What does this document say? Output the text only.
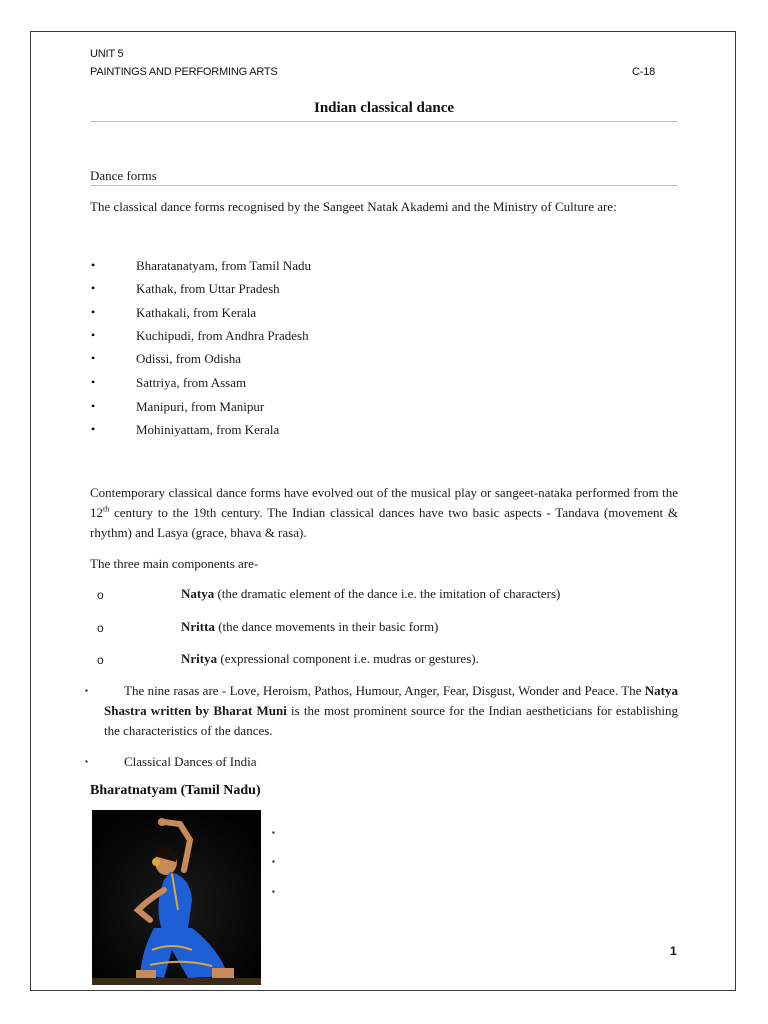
UNIT 5
PAINTINGS AND PERFORMING ARTS	C-18
Indian classical dance
Dance forms
The classical dance forms recognised by the Sangeet Natak Akademi and the Ministry of Culture are:
•	Bharatanatyam, from Tamil Nadu
•	Kathak, from Uttar Pradesh
•	Kathakali, from Kerala
•	Kuchipudi, from Andhra Pradesh
•	Odissi, from Odisha
•	Sattriya, from Assam
•	Manipuri, from Manipur
•	Mohiniyattam, from Kerala
Contemporary classical dance forms have evolved out of the musical play or sangeet-nataka performed from the 12th century to the 19th century. The Indian classical dances have two basic aspects - Tandava (movement & rhythm) and Lasya (grace, bhava & rasa).
The three main components are-
o	Natya (the dramatic element of the dance i.e. the imitation of characters)
o	Nritta (the dance movements in their basic form)
o	Nritya (expressional component i.e. mudras or gestures).
▪	The nine rasas are - Love, Heroism, Pathos, Humour, Anger, Fear, Disgust, Wonder and Peace. The Natya Shastra written by Bharat Muni is the most prominent source for the Indian aestheticians for establishing the characteristics of the dances.
▪	Classical Dances of India
Bharatnatyam (Tamil Nadu)
▪
▪
▪
1
